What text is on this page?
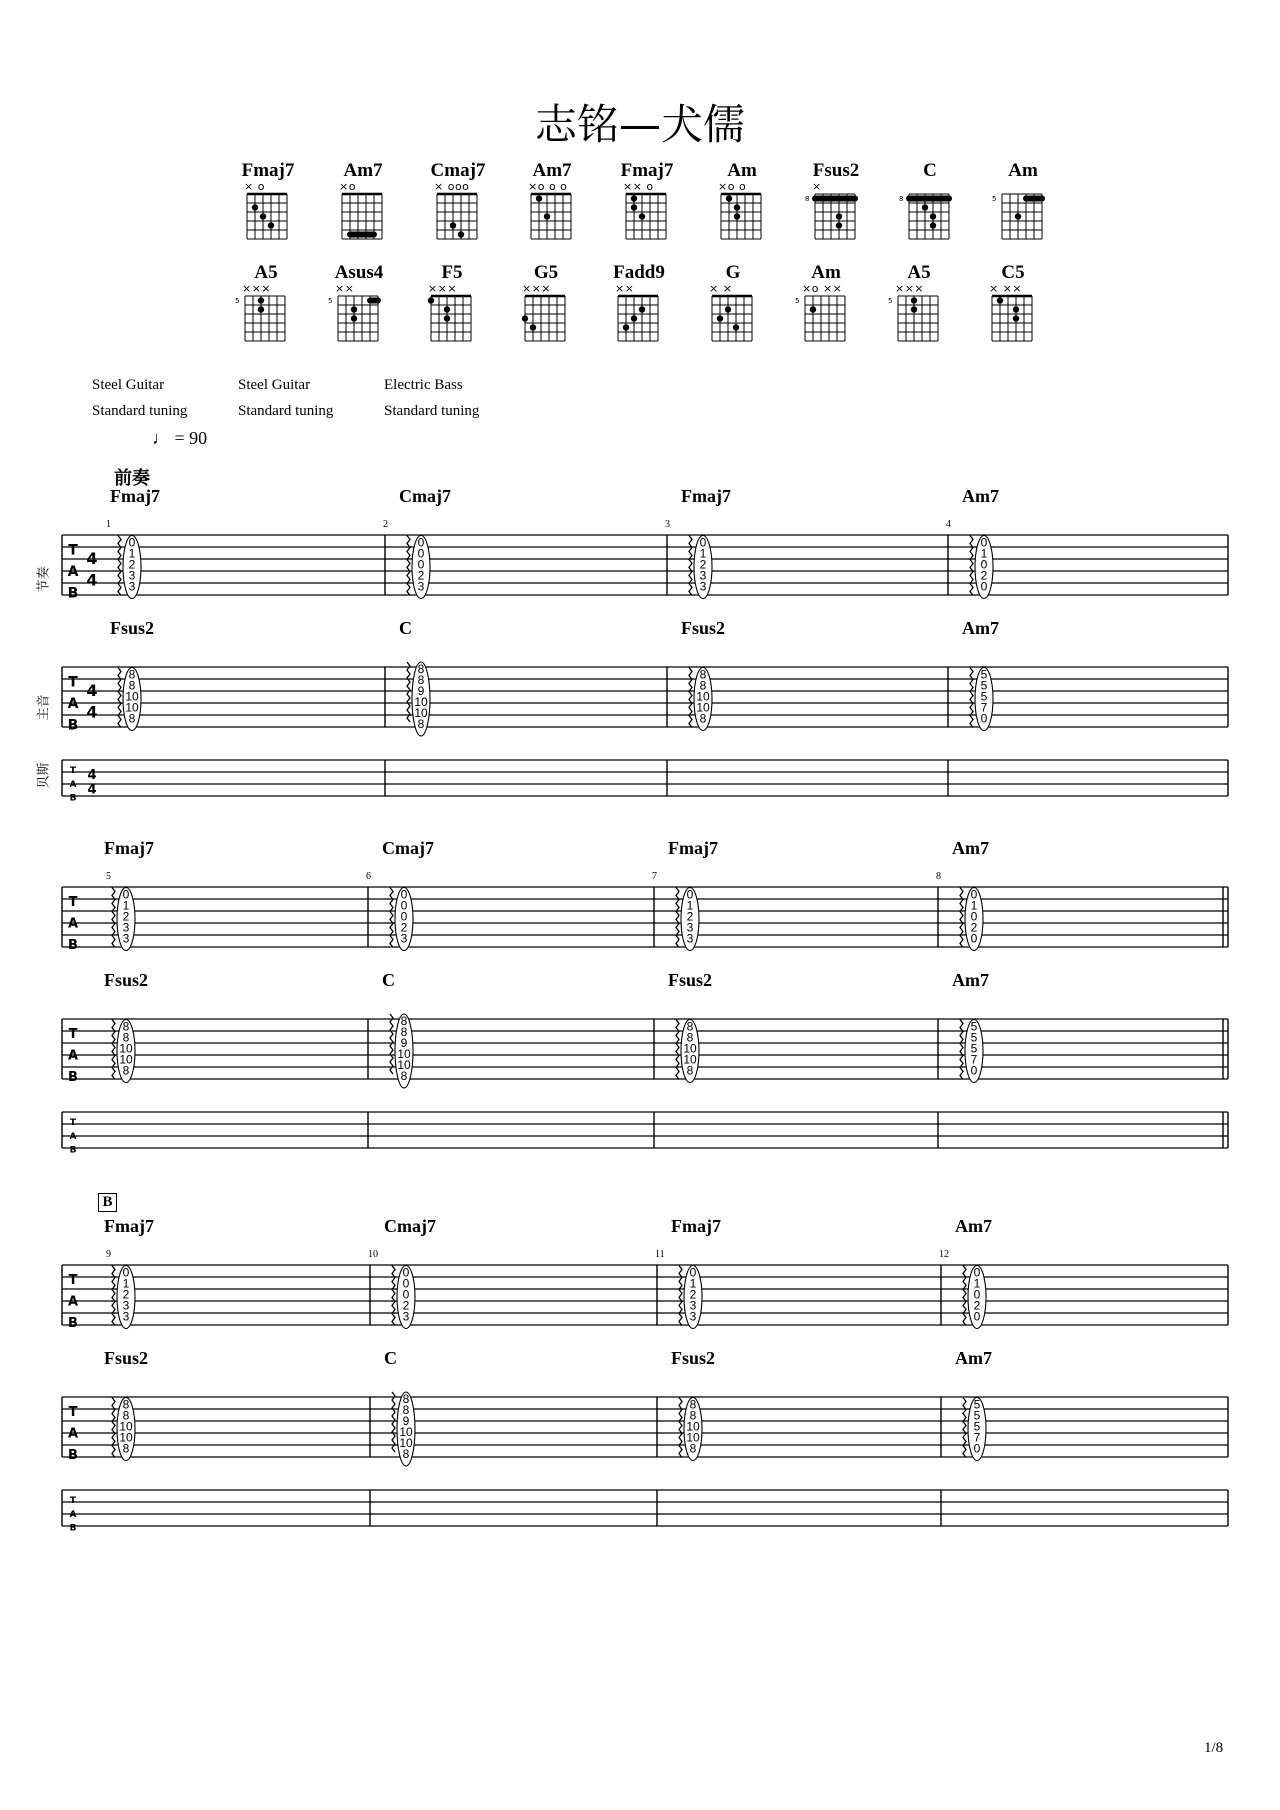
志铭—犬儒
Fmaj7
× o
Am7
×o
Cmaj7
× ooo
Am7
×o o o
Fmaj7
×× o
Am
×o o
Fsus2
×
8
C
8
Am
5
A5
×××
5
Asus4
××
5
F5
×××
G5
×××
Fadd9
××
G
× ×
Am
×o ××
5
A5
×××
5
C5
× ××
Steel Guitar
Standard tuning
Steel Guitar
Standard tuning
Electric Bass
Standard tuning
♩ = 90
前奏
B
节奏
主音
贝斯
T
A
B
T
A
B
T
A
B
4
4
4
4
4
4
0
1
2
3
3
8
8
10
10
8
0
0
0
2
3
8
8
9
10
10
8
0
1
2
3
3
8
8
10
10
8
0
1
0
2
0
5
5
5
7
0
T
A
B
T
A
B
T
A
B
0
1
2
3
3
8
8
10
10
8
0
0
0
2
3
8
8
9
10
10
8
0
1
2
3
3
8
8
10
10
8
0
1
0
2
0
5
5
5
7
0
T
A
B
T
A
B
T
A
B
0
1
2
3
3
8
8
10
10
8
0
0
0
2
3
8
8
9
10
10
8
0
1
2
3
3
8
8
10
10
8
0
1
0
2
0
5
5
5
7
0
1
Fmaj7
Fsus2
2
Cmaj7
C
3
Fmaj7
Fsus2
4
Am7
Am7
5
Fmaj7
Fsus2
6
Cmaj7
C
7
Fmaj7
Fsus2
8
Am7
Am7
9
Fmaj7
Fsus2
10
Cmaj7
C
11
Fmaj7
Fsus2
12
Am7
Am7
1/8
